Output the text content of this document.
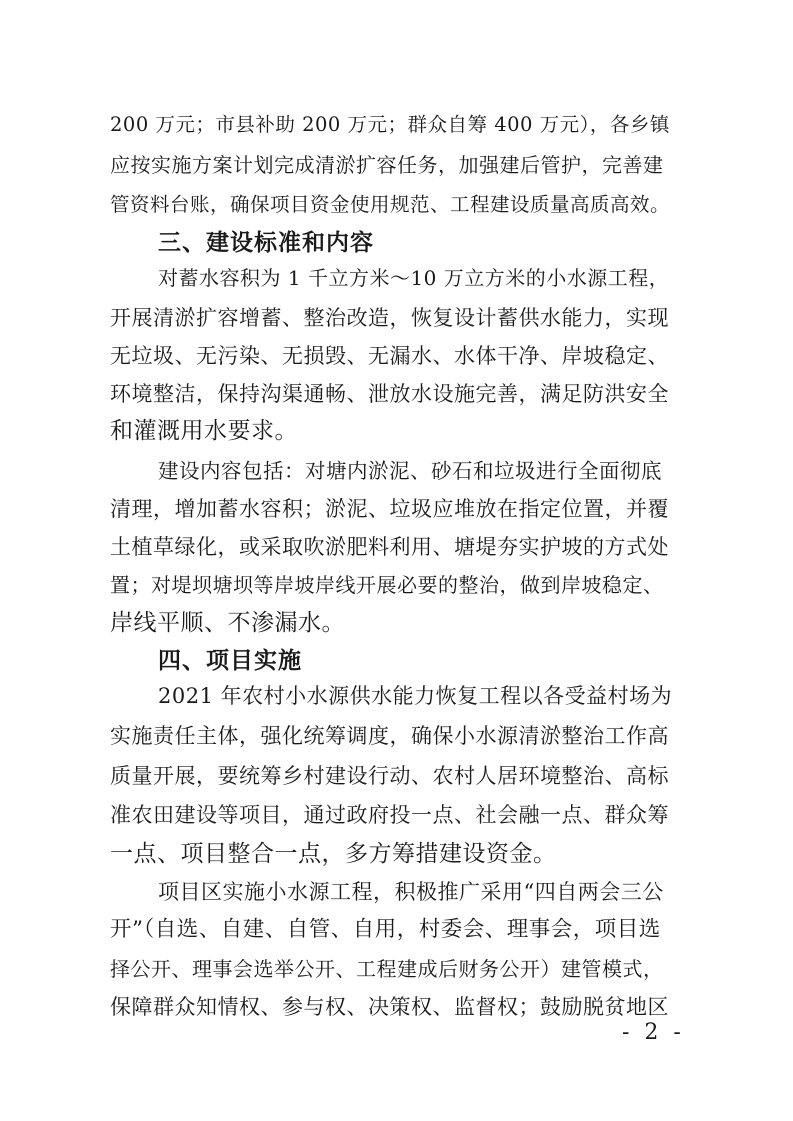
200 万元；市县补助 200 万元；群众自筹 400 万元），各乡镇
应按实施方案计划完成清淤扩容任务，加强建后管护，完善建
管资料台账，确保项目资金使用规范、工程建设质量高质高效。
三、建设标准和内容
对蓄水容积为 1 千立方米～10 万立方米的小水源工程，
开展清淤扩容增蓄、整治改造，恢复设计蓄供水能力，实现
无垃圾、无污染、无损毁、无漏水、水体干净、岸坡稳定、
环境整洁，保持沟渠通畅、泄放水设施完善，满足防洪安全
和灌溉用水要求。
建设内容包括：对塘内淤泥、砂石和垃圾进行全面彻底
清理，增加蓄水容积；淤泥、垃圾应堆放在指定位置，并覆
土植草绿化，或采取吹淤肥料利用、塘堤夯实护坡的方式处
置；对堤坝塘坝等岸坡岸线开展必要的整治，做到岸坡稳定、
岸线平顺、不渗漏水。
四、项目实施
2021 年农村小水源供水能力恢复工程以各受益村场为
实施责任主体，强化统筹调度，确保小水源清淤整治工作高
质量开展，要统筹乡村建设行动、农村人居环境整治、高标
准农田建设等项目，通过政府投一点、社会融一点、群众筹
一点、项目整合一点，多方筹措建设资金。
项目区实施小水源工程，积极推广采用“四自两会三公
开”（自选、自建、自管、自用，村委会、理事会，项目选
择公开、理事会选举公开、工程建成后财务公开）建管模式，
保障群众知情权、参与权、决策权、监督权；鼓励脱贫地区
- 2 -
